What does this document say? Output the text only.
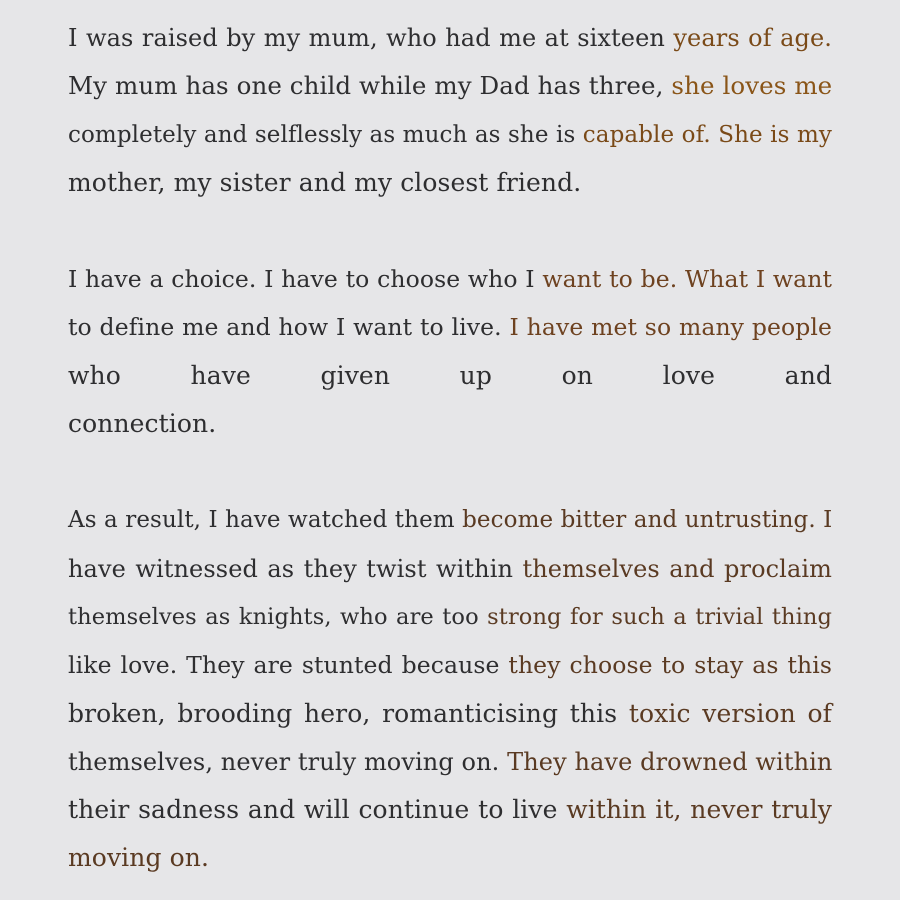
I was raised by my mum, who had me at sixteen years of age.
My mum has one child while my Dad has three, she loves me
completely and selflessly as much as she is capable of. She is my
mother, my sister and my closest friend.

I have a choice. I have to choose who I want to be. What I want
to define me and how I want to live. I have met so many people
who have given up on love and
connection.

As a result, I have watched them become bitter and untrusting. I
have witnessed as they twist within themselves and proclaim
themselves as knights, who are too strong for such a trivial thing
like love. They are stunted because they choose to stay as this
broken, brooding hero, romanticising this toxic version of
themselves, never truly moving on. They have drowned within
their sadness and will continue to live within it, never truly
moving on.
